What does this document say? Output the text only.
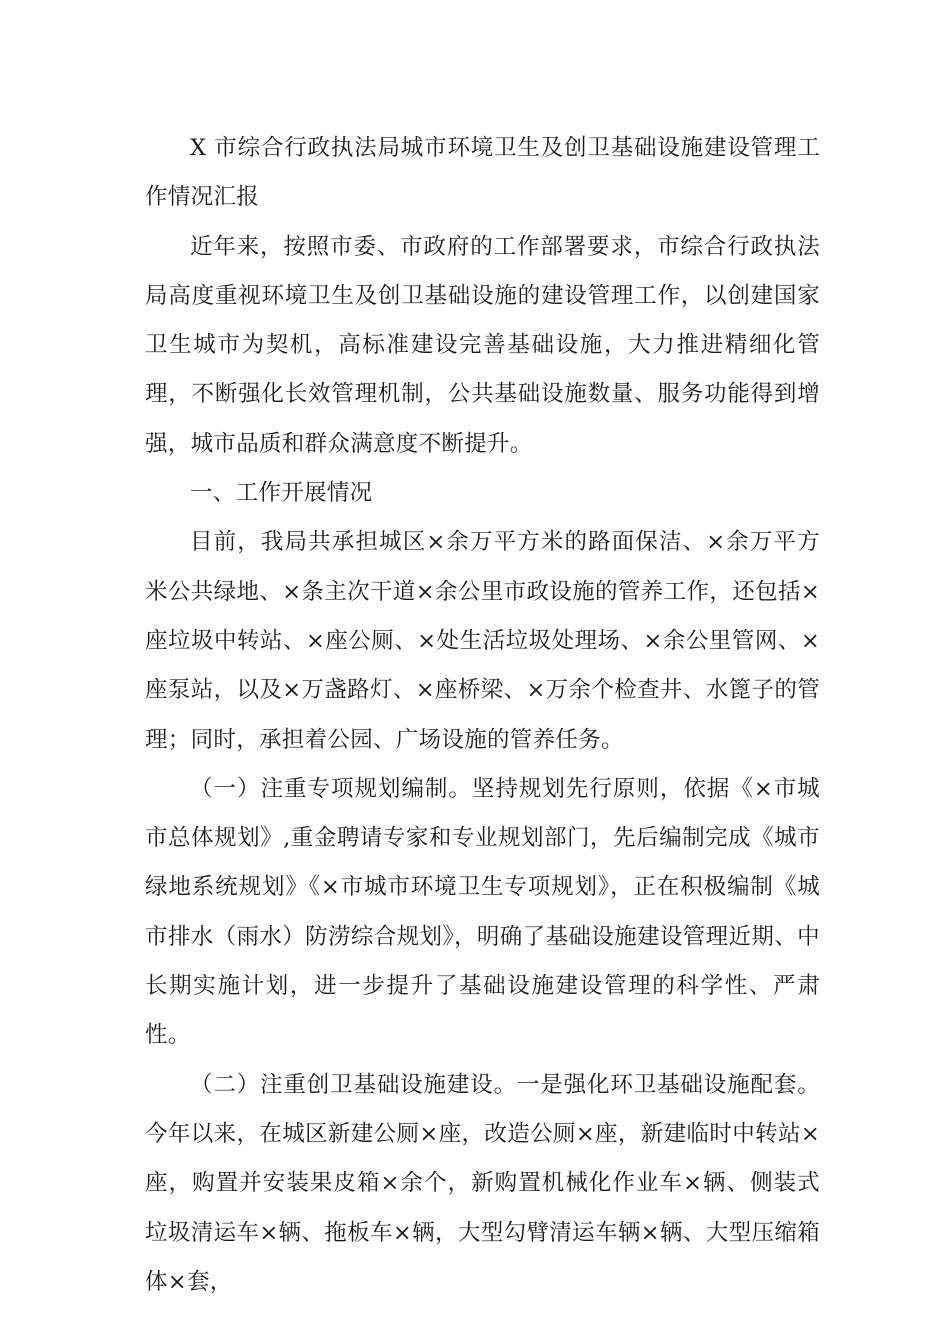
X 市综合行政执法局城市环境卫生及创卫基础设施建设管理工作情况汇报

近年来，按照市委、市政府的工作部署要求，市综合行政执法局高度重视环境卫生及创卫基础设施的建设管理工作，以创建国家卫生城市为契机，高标准建设完善基础设施，大力推进精细化管理，不断强化长效管理机制，公共基础设施数量、服务功能得到增强，城市品质和群众满意度不断提升。

一、工作开展情况

目前，我局共承担城区×余万平方米的路面保洁、×余万平方米公共绿地、×条主次干道×余公里市政设施的管养工作，还包括×座垃圾中转站、×座公厕、×处生活垃圾处理场、×余公里管网、×座泵站，以及×万盏路灯、×座桥梁、×万余个检查井、水篦子的管理；同时，承担着公园、广场设施的管养任务。

（一）注重专项规划编制。坚持规划先行原则，依据《×市城市总体规划》,重金聘请专家和专业规划部门，先后编制完成《城市绿地系统规划》《×市城市环境卫生专项规划》，正在积极编制《城市排水（雨水）防涝综合规划》，明确了基础设施建设管理近期、中长期实施计划，进一步提升了基础设施建设管理的科学性、严肃性。

（二）注重创卫基础设施建设。一是强化环卫基础设施配套。今年以来，在城区新建公厕×座，改造公厕×座，新建临时中转站×座，购置并安装果皮箱×余个，新购置机械化作业车×辆、侧装式垃圾清运车×辆、拖板车×辆，大型勾臂清运车辆×辆、大型压缩箱体×套，
